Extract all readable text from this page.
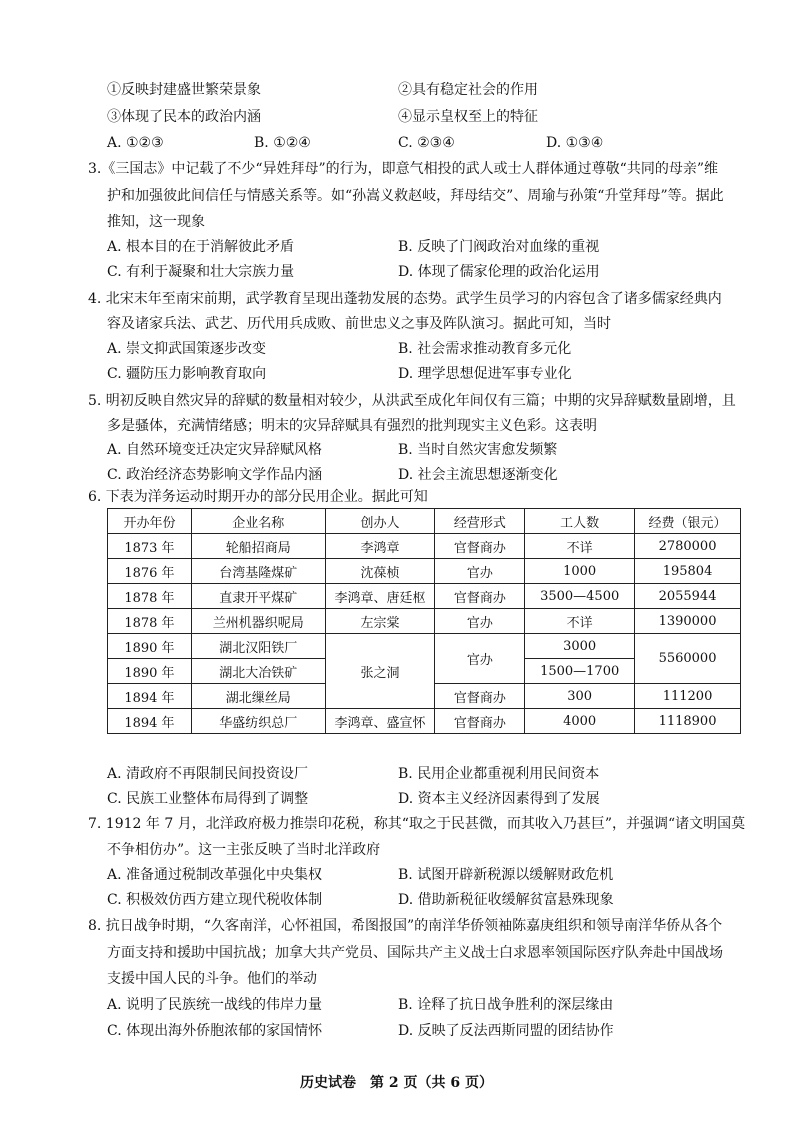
①反映封建盛世繁荣景象	②具有稳定社会的作用
③体现了民本的政治内涵	④显示皇权至上的特征
A. ①②③	B. ①②④	C. ②③④	D. ①③④
3.《三国志》中记载了不少“异姓拜母”的行为，即意气相投的武人或士人群体通过尊敬“共同的母亲”维
护和加强彼此间信任与情感关系等。如“孙嵩义救赵岐，拜母结交”、周瑜与孙策“升堂拜母”等。据此
推知，这一现象
A. 根本目的在于消解彼此矛盾	B. 反映了门阀政治对血缘的重视
C. 有利于凝聚和壮大宗族力量	D. 体现了儒家伦理的政治化运用
4. 北宋末年至南宋前期，武学教育呈现出蓬勃发展的态势。武学生员学习的内容包含了诸多儒家经典内
容及诸家兵法、武艺、历代用兵成败、前世忠义之事及阵队演习。据此可知，当时
A. 崇文抑武国策逐步改变	B. 社会需求推动教育多元化
C. 疆防压力影响教育取向	D. 理学思想促进军事专业化
5. 明初反映自然灾异的辞赋的数量相对较少，从洪武至成化年间仅有三篇；中期的灾异辞赋数量剧增，且
多是骚体，充满情绪感；明末的灾异辞赋具有强烈的批判现实主义色彩。这表明
A. 自然环境变迁决定灾异辞赋风格	B. 当时自然灾害愈发频繁
C. 政治经济态势影响文学作品内涵	D. 社会主流思想逐渐变化
6. 下表为洋务运动时期开办的部分民用企业。据此可知
开办年份	企业名称	创办人	经营形式	工人数	经费（银元）
1873 年	轮船招商局	李鸿章	官督商办	不详	2780000
1876 年	台湾基隆煤矿	沈葆桢	官办	1000	195804
1878 年	直隶开平煤矿	李鸿章、唐廷枢	官督商办	3500—4500	2055944
1878 年	兰州机器织呢局	左宗棠	官办	不详	1390000
1890 年	湖北汉阳铁厂	张之洞	官办	3000	5560000
1890 年	湖北大冶铁矿			1500—1700	
1894 年	湖北缫丝局		官督商办	300	111200
1894 年	华盛纺织总厂	李鸿章、盛宣怀	官督商办	4000	1118900
A. 清政府不再限制民间投资设厂	B. 民用企业都重视利用民间资本
C. 民族工业整体布局得到了调整	D. 资本主义经济因素得到了发展
7. 1912 年 7 月，北洋政府极力推崇印花税，称其“取之于民甚微，而其收入乃甚巨”，并强调“诸文明国莫
不争相仿办”。这一主张反映了当时北洋政府
A. 准备通过税制改革强化中央集权	B. 试图开辟新税源以缓解财政危机
C. 积极效仿西方建立现代税收体制	D. 借助新税征收缓解贫富悬殊现象
8. 抗日战争时期，“久客南洋，心怀祖国，希图报国”的南洋华侨领袖陈嘉庚组织和领导南洋华侨从各个
方面支持和援助中国抗战；加拿大共产党员、国际共产主义战士白求恩率领国际医疗队奔赴中国战场
支援中国人民的斗争。他们的举动
A. 说明了民族统一战线的伟岸力量	B. 诠释了抗日战争胜利的深层缘由
C. 体现出海外侨胞浓郁的家国情怀	D. 反映了反法西斯同盟的团结协作
历史试卷　第 2 页（共 6 页）
